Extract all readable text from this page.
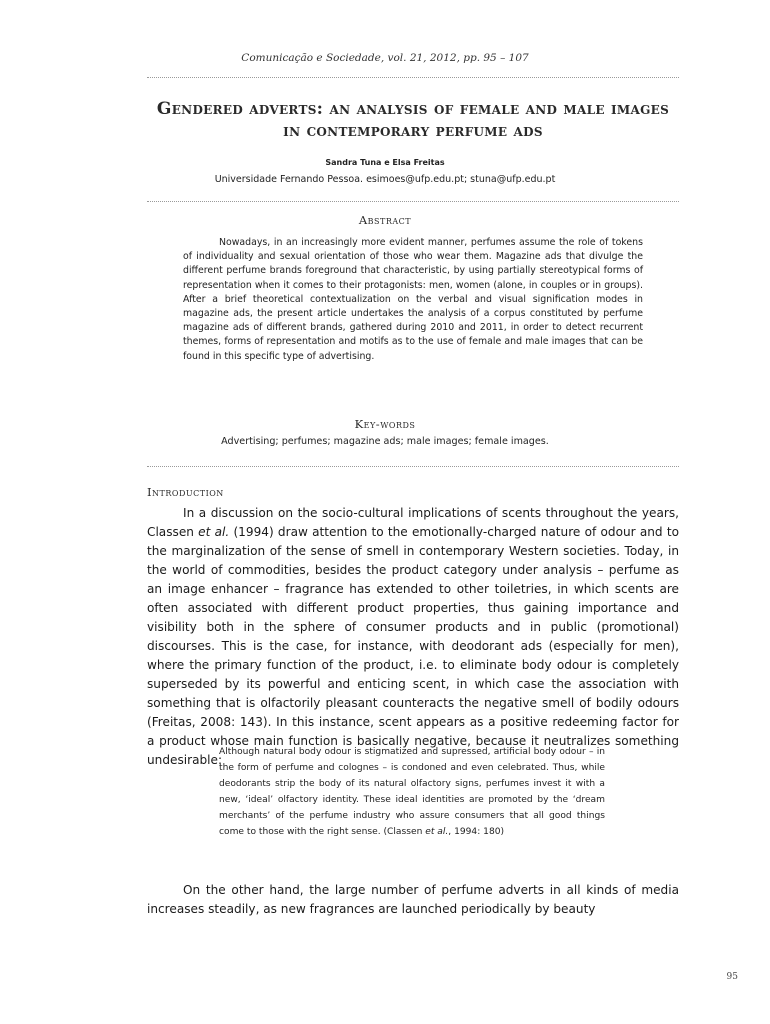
Comunicação e Sociedade, vol. 21, 2012, pp. 95 – 107
Gendered adverts: an analysis of female and male images in contemporary perfume ads
Sandra Tuna e Elsa Freitas
Universidade Fernando Pessoa. esimoes@ufp.edu.pt; stuna@ufp.edu.pt
Abstract

Nowadays, in an increasingly more evident manner, perfumes assume the role of tokens of individuality and sexual orientation of those who wear them. Magazine ads that divulge the different perfume brands foreground that characteristic, by using partially stereotypical forms of representation when it comes to their protagonists: men, women (alone, in couples or in groups). After a brief theoretical contextualization on the verbal and visual signification modes in magazine ads, the present article undertakes the analysis of a corpus constituted by perfume magazine ads of different brands, gathered during 2010 and 2011, in order to detect recurrent themes, forms of representation and motifs as to the use of female and male images that can be found in this specific type of advertising.

Key-words
Advertising; perfumes; magazine ads; male images; female images.
Introduction

In a discussion on the socio-cultural implications of scents throughout the years, Classen et al. (1994) draw attention to the emotionally-charged nature of odour and to the marginalization of the sense of smell in contemporary Western societies. Today, in the world of commodities, besides the product category under analysis – perfume as an image enhancer – fragrance has extended to other toiletries, in which scents are often associated with different product properties, thus gaining importance and visibility both in the sphere of consumer products and in public (promotional) discourses. This is the case, for instance, with deodorant ads (especially for men), where the primary function of the product, i.e. to eliminate body odour is completely superseded by its powerful and enticing scent, in which case the association with something that is olfactorily pleasant counteracts the negative smell of bodily odours (Freitas, 2008: 143). In this instance, scent appears as a positive redeeming factor for a product whose main function is basically negative, because it neutralizes something undesirable:

Although natural body odour is stigmatized and supressed, artificial body odour – in the form of perfume and colognes – is condoned and even celebrated. Thus, while deodorants strip the body of its natural olfactory signs, perfumes invest it with a new, ‘ideal’ olfactory identity. These ideal identities are promoted by the ‘dream merchants’ of the perfume industry who assure consumers that all good things come to those with the right sense. (Classen et al., 1994: 180)

On the other hand, the large number of perfume adverts in all kinds of media increases steadily, as new fragrances are launched periodically by beauty

95
